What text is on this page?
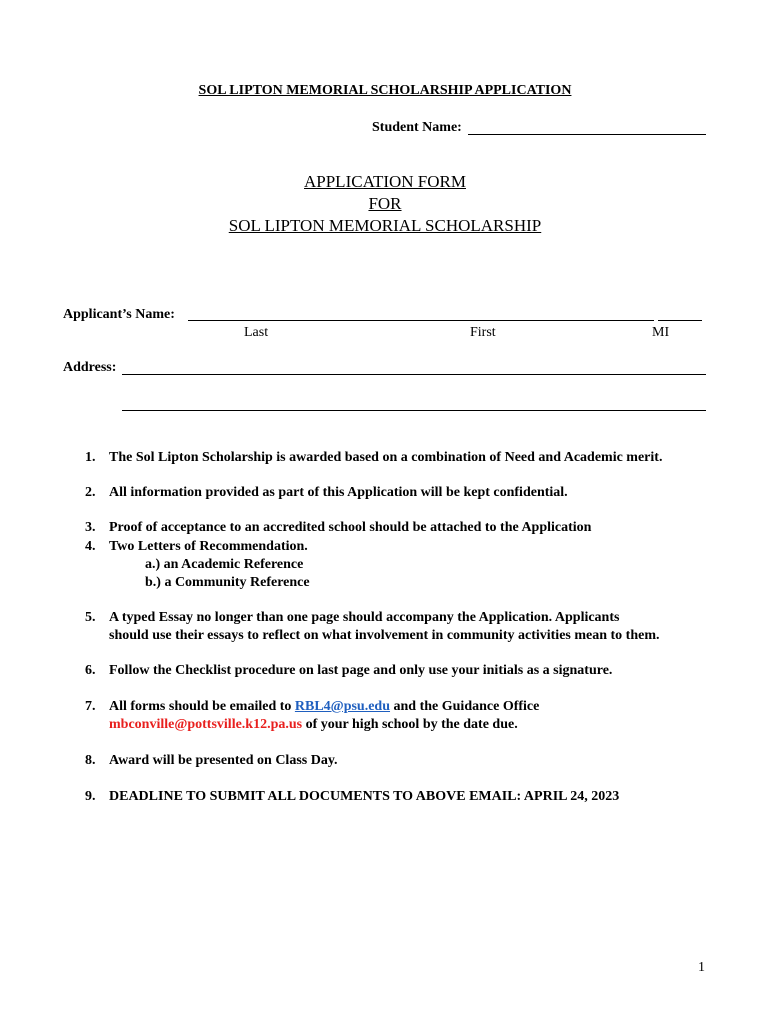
SOL LIPTON MEMORIAL SCHOLARSHIP APPLICATION
Student Name:
APPLICATION FORM
FOR
SOL LIPTON MEMORIAL SCHOLARSHIP
Applicant’s Name:
Last	First	MI
Address:
1. The Sol Lipton Scholarship is awarded based on a combination of Need and Academic merit.
2. All information provided as part of this Application will be kept confidential.
3. Proof of acceptance to an accredited school should be attached to the Application
4. Two Letters of Recommendation.
a.) an Academic Reference
b.) a Community Reference
5. A typed Essay no longer than one page should accompany the Application. Applicants
should use their essays to reflect on what involvement in community activities mean to them.
6. Follow the Checklist procedure on last page and only use your initials as a signature.
7. All forms should be emailed to RBL4@psu.edu and the Guidance Office
mbconville@pottsville.k12.pa.us of your high school by the date due.
8. Award will be presented on Class Day.
9. DEADLINE TO SUBMIT ALL DOCUMENTS TO ABOVE EMAIL: APRIL 24, 2023
1
